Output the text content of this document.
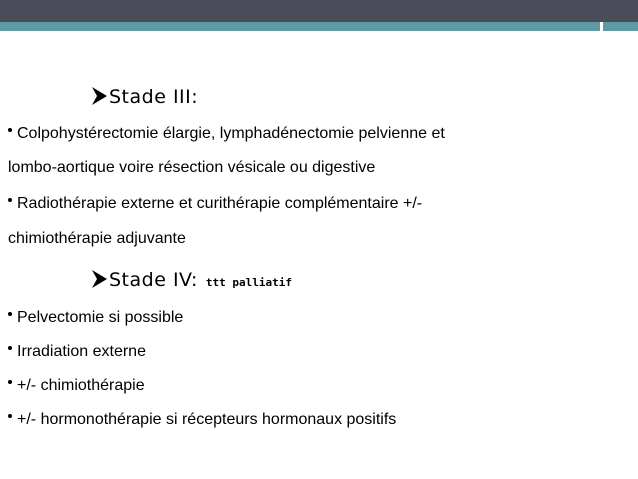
Stade III:
Colpohystérectomie élargie, lymphadénectomie pelvienne et
lombo-aortique voire résection vésicale ou digestive
Radiothérapie externe et curithérapie complémentaire +/-
chimiothérapie adjuvante
Stade IV: ttt palliatif
Pelvectomie si possible
Irradiation externe
+/- chimiothérapie
+/- hormonothérapie si récepteurs hormonaux positifs
